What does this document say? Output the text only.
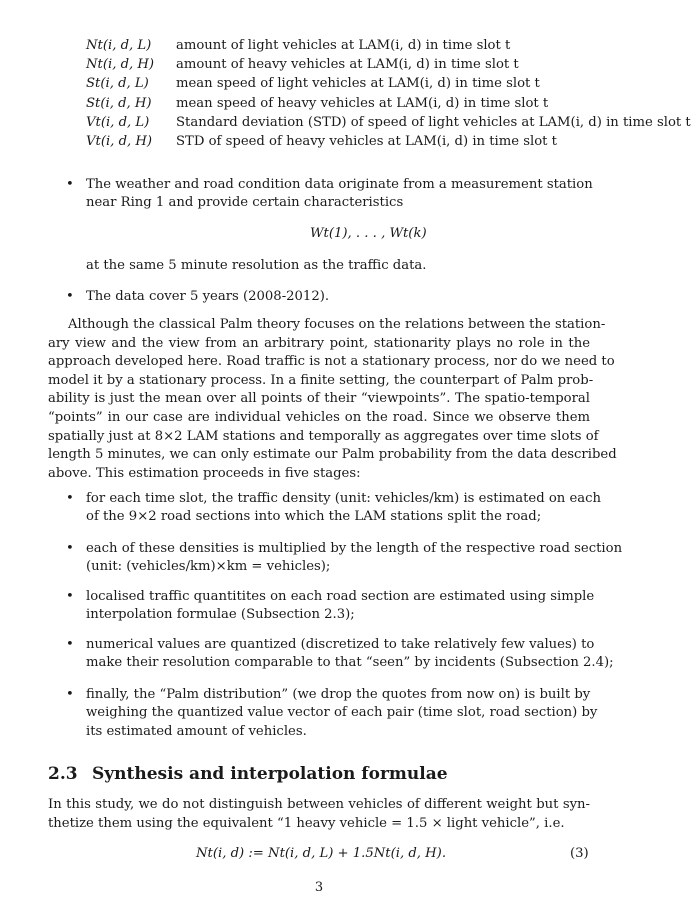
Nt(i, d, L)	amount of light vehicles at LAM(i, d) in time slot t
Nt(i, d, H)	amount of heavy vehicles at LAM(i, d) in time slot t
St(i, d, L)	mean speed of light vehicles at LAM(i, d) in time slot t
St(i, d, H)	mean speed of heavy vehicles at LAM(i, d) in time slot t
Vt(i, d, L)	Standard deviation (STD) of speed of light vehicles at LAM(i, d) in time slot t
Vt(i, d, H)	STD of speed of heavy vehicles at LAM(i, d) in time slot t
• The weather and road condition data originate from a measurement station
near Ring 1 and provide certain characteristics
Wt(1), . . . , Wt(k)
at the same 5 minute resolution as the traffic data.
• The data cover 5 years (2008-2012).
Although the classical Palm theory focuses on the relations between the station-
ary view and the view from an arbitrary point, stationarity plays no role in the
approach developed here. Road traffic is not a stationary process, nor do we need to
model it by a stationary process. In a finite setting, the counterpart of Palm prob-
ability is just the mean over all points of their “viewpoints”. The spatio-temporal
“points” in our case are individual vehicles on the road. Since we observe them
spatially just at 8×2 LAM stations and temporally as aggregates over time slots of
length 5 minutes, we can only estimate our Palm probability from the data described
above. This estimation proceeds in five stages:
• for each time slot, the traffic density (unit: vehicles/km) is estimated on each
of the 9×2 road sections into which the LAM stations split the road;
• each of these densities is multiplied by the length of the respective road section
(unit: (vehicles/km)×km = vehicles);
• localised traffic quantitites on each road section are estimated using simple
interpolation formulae (Subsection 2.3);
• numerical values are quantized (discretized to take relatively few values) to
make their resolution comparable to that “seen” by incidents (Subsection 2.4);
• finally, the “Palm distribution” (we drop the quotes from now on) is built by
weighing the quantized value vector of each pair (time slot, road section) by
its estimated amount of vehicles.
2.3 Synthesis and interpolation formulae
In this study, we do not distinguish between vehicles of different weight but syn-
thetize them using the equivalent “1 heavy vehicle = 1.5 × light vehicle”, i.e.
Nt(i, d) := Nt(i, d, L) + 1.5Nt(i, d, H).	(3)
3
